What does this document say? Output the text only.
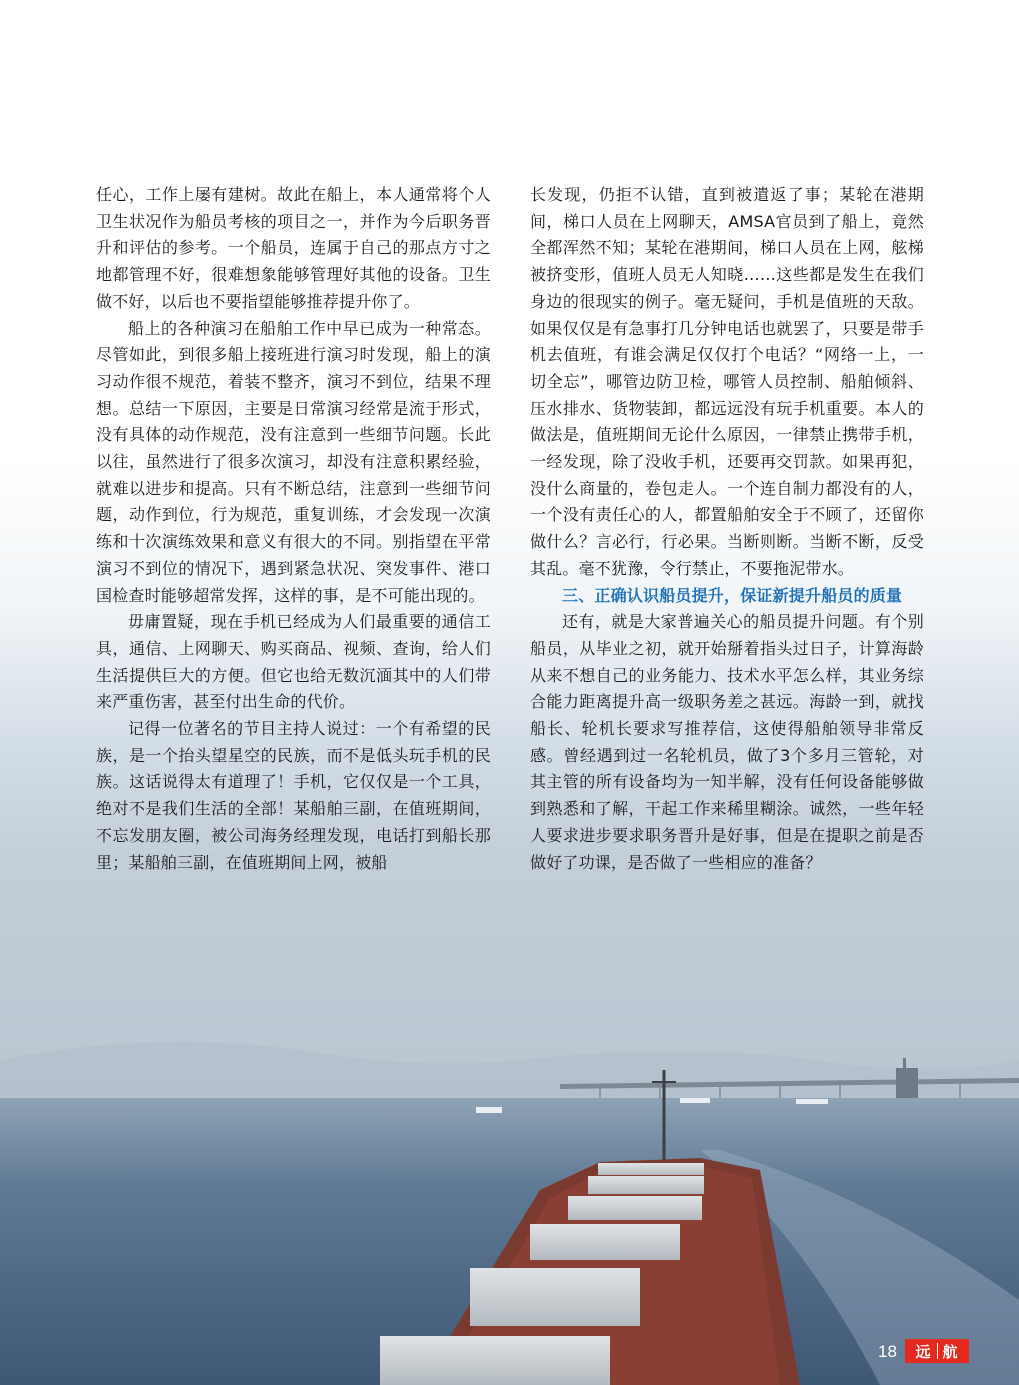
任心，工作上屡有建树。故此在船上，本人通常将个人卫生状况作为船员考核的项目之一，并作为今后职务晋升和评估的参考。一个船员，连属于自己的那点方寸之地都管理不好，很难想象能够管理好其他的设备。卫生做不好，以后也不要指望能够推荐提升你了。

船上的各种演习在船舶工作中早已成为一种常态。尽管如此，到很多船上接班进行演习时发现，船上的演习动作很不规范，着装不整齐，演习不到位，结果不理想。总结一下原因，主要是日常演习经常是流于形式，没有具体的动作规范，没有注意到一些细节问题。长此以往，虽然进行了很多次演习，却没有注意积累经验，就难以进步和提高。只有不断总结，注意到一些细节问题，动作到位，行为规范，重复训练，才会发现一次演练和十次演练效果和意义有很大的不同。别指望在平常演习不到位的情况下，遇到紧急状况、突发事件、港口国检查时能够超常发挥，这样的事，是不可能出现的。

毋庸置疑，现在手机已经成为人们最重要的通信工具，通信、上网聊天、购买商品、视频、查询，给人们生活提供巨大的方便。但它也给无数沉湎其中的人们带来严重伤害，甚至付出生命的代价。

记得一位著名的节目主持人说过：一个有希望的民族，是一个抬头望星空的民族，而不是低头玩手机的民族。这话说得太有道理了！手机，它仅仅是一个工具，绝对不是我们生活的全部！某船舶三副，在值班期间，不忘发朋友圈，被公司海务经理发现，电话打到船长那里；某船舶三副，在值班期间上网，被船

长发现，仍拒不认错，直到被遣返了事；某轮在港期间，梯口人员在上网聊天，AMSA官员到了船上，竟然全都浑然不知；某轮在港期间，梯口人员在上网，舷梯被挤变形，值班人员无人知晓……这些都是发生在我们身边的很现实的例子。毫无疑问，手机是值班的天敌。如果仅仅是有急事打几分钟电话也就罢了，只要是带手机去值班，有谁会满足仅仅打个电话？“网络一上，一切全忘”，哪管边防卫检，哪管人员控制、船舶倾斜、压水排水、货物装卸，都远远没有玩手机重要。本人的做法是，值班期间无论什么原因，一律禁止携带手机，一经发现，除了没收手机，还要再交罚款。如果再犯，没什么商量的，卷包走人。一个连自制力都没有的人，一个没有责任心的人，都置船舶安全于不顾了，还留你做什么？言必行，行必果。当断则断。当断不断，反受其乱。毫不犹豫，令行禁止，不要拖泥带水。

三、正确认识船员提升，保证新提升船员的质量

还有，就是大家普遍关心的船员提升问题。有个别船员，从毕业之初，就开始掰着指头过日子，计算海龄从来不想自己的业务能力、技术水平怎么样，其业务综合能力距离提升高一级职务差之甚远。海龄一到，就找船长、轮机长要求写推荐信，这使得船舶领导非常反感。曾经遇到过一名轮机员，做了3个多月三管轮，对其主管的所有设备均为一知半解，没有任何设备能够做到熟悉和了解，干起工作来稀里糊涂。诚然，一些年轻人要求进步要求职务晋升是好事，但是在提职之前是否做好了功课，是否做了一些相应的准备？

18 远 航
